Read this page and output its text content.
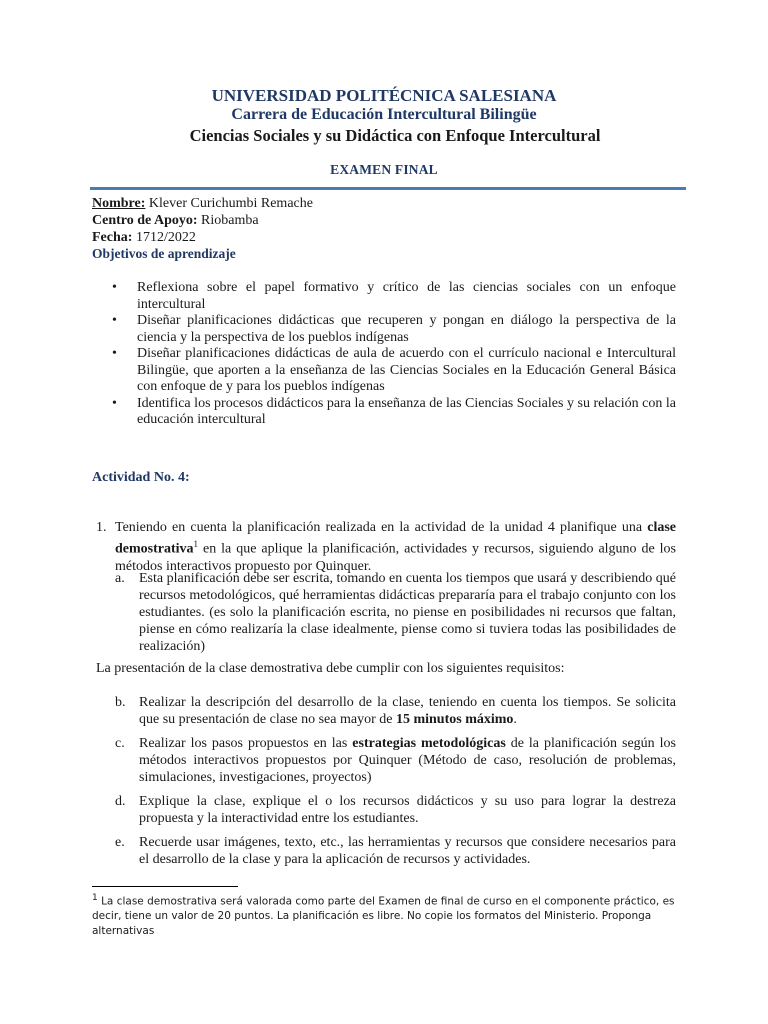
UNIVERSIDAD POLITÉCNICA SALESIANA
Carrera de Educación Intercultural Bilingüe
Ciencias Sociales y su Didáctica con Enfoque Intercultural
EXAMEN FINAL
Nombre: Klever Curichumbi Remache
Centro de Apoyo: Riobamba
Fecha: 1712/2022
Objetivos de aprendizaje
• Reflexiona sobre el papel formativo y crítico de las ciencias sociales con un enfoque intercultural
• Diseñar planificaciones didácticas que recuperen y pongan en diálogo la perspectiva de la ciencia y la perspectiva de los pueblos indígenas
• Diseñar planificaciones didácticas de aula de acuerdo con el currículo nacional e Intercultural Bilingüe, que aporten a la enseñanza de las Ciencias Sociales en la Educación General Básica con enfoque de y para los pueblos indígenas
• Identifica los procesos didácticos para la enseñanza de las Ciencias Sociales y su relación con la educación intercultural
Actividad No. 4:
1. Teniendo en cuenta la planificación realizada en la actividad de la unidad 4 planifique una clase demostrativa$^1$ en la que aplique la planificación, actividades y recursos, siguiendo alguno de los métodos interactivos propuesto por Quinquer.
a. Esta planificación debe ser escrita, tomando en cuenta los tiempos que usará y describiendo qué recursos metodológicos, qué herramientas didácticas prepararía para el trabajo conjunto con los estudiantes. (es solo la planificación escrita, no piense en posibilidades ni recursos que faltan, piense en cómo realizaría la clase idealmente, piense como si tuviera todas las posibilidades de realización)
La presentación de la clase demostrativa debe cumplir con los siguientes requisitos:
b. Realizar la descripción del desarrollo de la clase, teniendo en cuenta los tiempos. Se solicita que su presentación de clase no sea mayor de 15 minutos máximo.
c. Realizar los pasos propuestos en las estrategias metodológicas de la planificación según los métodos interactivos propuestos por Quinquer (Método de caso, resolución de problemas, simulaciones, investigaciones, proyectos)
d. Explique la clase, explique el o los recursos didácticos y su uso para lograr la destreza propuesta y la interactividad entre los estudiantes.
e. Recuerde usar imágenes, texto, etc., las herramientas y recursos que considere necesarios para el desarrollo de la clase y para la aplicación de recursos y actividades.
$^1$ La clase demostrativa será valorada como parte del Examen de final de curso en el componente práctico, es decir, tiene un valor de 20 puntos. La planificación es libre. No copie los formatos del Ministerio. Proponga alternativas
